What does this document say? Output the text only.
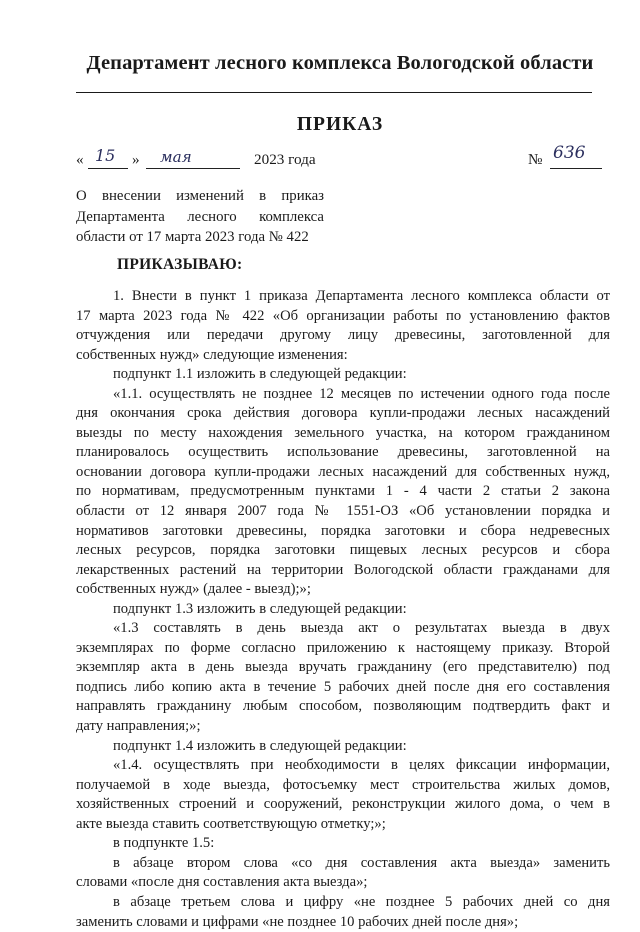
Департамент лесного комплекса Вологодской области
ПРИКАЗ
« 15 » мая	2023 года	№ 636
О внесении изменений в приказ
Департамента лесного комплекса
области от 17 марта 2023 года № 422
ПРИКАЗЫВАЮ:
1. Внести в пункт 1 приказа Департамента лесного комплекса области от
17 марта 2023 года № 422 «Об организации работы по установлению фактов
отчуждения или передачи другому лицу древесины, заготовленной для
собственных нужд» следующие изменения:
подпункт 1.1 изложить в следующей редакции:
«1.1. осуществлять не позднее 12 месяцев по истечении одного года после
дня окончания срока действия договора купли-продажи лесных насаждений
выезды по месту нахождения земельного участка, на котором гражданином
планировалось осуществить использование древесины, заготовленной на
основании договора купли-продажи лесных насаждений для собственных нужд,
по нормативам, предусмотренным пунктами 1 - 4 части 2 статьи 2 закона
области от 12 января 2007 года № 1551-ОЗ «Об установлении порядка и
нормативов заготовки древесины, порядка заготовки и сбора недревесных
лесных ресурсов, порядка заготовки пищевых лесных ресурсов и сбора
лекарственных растений на территории Вологодской области гражданами для
собственных нужд» (далее - выезд);»;
подпункт 1.3 изложить в следующей редакции:
«1.3 составлять в день выезда акт о результатах выезда в двух
экземплярах по форме согласно приложению к настоящему приказу. Второй
экземпляр акта в день выезда вручать гражданину (его представителю) под
подпись либо копию акта в течение 5 рабочих дней после дня его составления
направлять гражданину любым способом, позволяющим подтвердить факт и
дату направления;»;
подпункт 1.4 изложить в следующей редакции:
«1.4. осуществлять при необходимости в целях фиксации информации,
получаемой в ходе выезда, фотосъемку мест строительства жилых домов,
хозяйственных строений и сооружений, реконструкции жилого дома, о чем в
акте выезда ставить соответствующую отметку;»;
в подпункте 1.5:
в абзаце втором слова «со дня составления акта выезда» заменить
словами «после дня составления акта выезда»;
в абзаце третьем слова и цифру «не позднее 5 рабочих дней со дня
заменить словами и цифрами «не позднее 10 рабочих дней после дня»;
